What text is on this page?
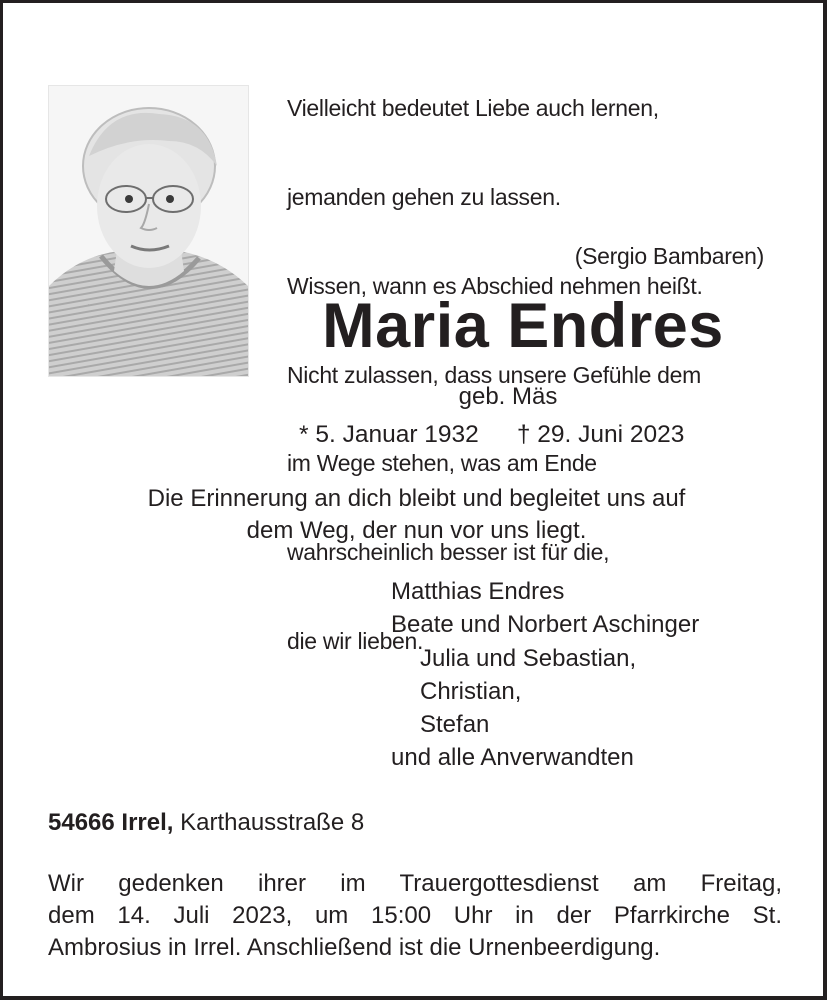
Vielleicht bedeutet Liebe auch lernen,

jemanden gehen zu lassen.

Wissen, wann es Abschied nehmen heißt.

Nicht zulassen, dass unsere Gefühle dem

im Wege stehen, was am Ende

wahrscheinlich besser ist für die,

die wir lieben.

(Sergio Bambaren)
Maria Endres
geb. Mäs
* 5. Januar 1932 † 29. Juni 2023
Die Erinnerung an dich bleibt und begleitet uns auf
dem Weg, der nun vor uns liegt.
Matthias Endres
Beate und Norbert Aschinger
Julia und Sebastian,
Christian,
Stefan
und alle Anverwandten
54666 Irrel, Karthausstraße 8
Wir gedenken ihrer im Trauergottesdienst am Freitag,
dem 14. Juli 2023, um 15:00 Uhr in der Pfarrkirche St.
Ambrosius in Irrel. Anschließend ist die Urnenbeerdigung.
